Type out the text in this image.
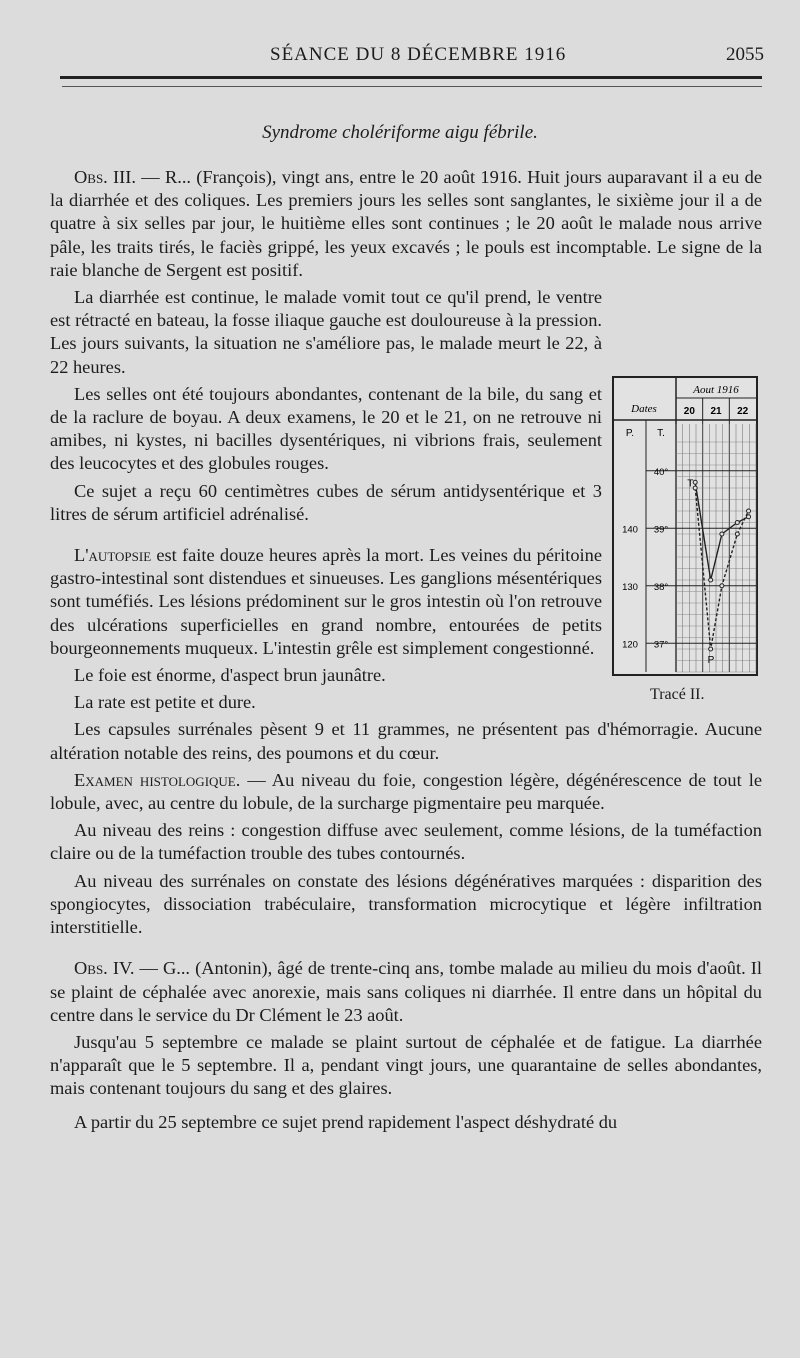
SÉANCE DU 8 DÉCEMBRE 1916	2055
Syndrome cholériforme aigu fébrile.

Obs. III. — R... (François), vingt ans, entre le 20 août 1916. Huit jours auparavant il a eu de la diarrhée et des coliques. Les premiers jours les selles sont sanglantes, le sixième jour il a de quatre à six selles par jour, le huitième elles sont continues ; le 20 août le malade nous arrive pâle, les traits tirés, le faciès grippé, les yeux excavés ; le pouls est incomptable. Le signe de la raie blanche de Sergent est positif.

La diarrhée est continue, le malade vomit tout ce qu'il prend, le ventre est rétracté en bateau, la fosse iliaque gauche est douloureuse à la pression. Les jours suivants, la situation ne s'améliore pas, le malade meurt le 22, à 22 heures.

Les selles ont été toujours abondantes, contenant de la bile, du sang et de la raclure de boyau. A deux examens, le 20 et le 21, on ne retrouve ni amibes, ni kystes, ni bacilles dysentériques, ni vibrions frais, seulement des leucocytes et des globules rouges.

Ce sujet a reçu 60 centimètres cubes de sérum antidysentérique et 3 litres de sérum artificiel adrénalisé.

L'autopsie est faite douze heures après la mort. Les veines du péritoine gastro-intestinal sont distendues et sinueuses. Les ganglions mésentériques sont tuméfiés. Les lésions prédominent sur le gros intestin où l'on retrouve des ulcérations superficielles en grand nombre, entourées de petits bourgeonnements muqueux. L'intestin grêle est simplement congestionné.

Le foie est énorme, d'aspect brun jaunâtre.

La rate est petite et dure.

Les capsules surrénales pèsent 9 et 11 grammes, ne présentent pas d'hémorragie. Aucune altération notable des reins, des poumons et du cœur.

Examen histologique. — Au niveau du foie, congestion légère, dégénérescence de tout le lobule, avec, au centre du lobule, de la surcharge pigmentaire peu marquée.

Au niveau des reins : congestion diffuse avec seulement, comme lésions, de la tuméfaction claire ou de la tuméfaction trouble des tubes contournés.

Au niveau des surrénales on constate des lésions dégénératives marquées : disparition des spongiocytes, dissociation trabéculaire, transformation microcytique et légère infiltration interstitielle.

Obs. IV. — G... (Antonin), âgé de trente-cinq ans, tombe malade au milieu du mois d'août. Il se plaint de céphalée avec anorexie, mais sans coliques ni diarrhée. Il entre dans un hôpital du centre dans le service du Dr Clément le 23 août.

Jusqu'au 5 septembre ce malade se plaint surtout de céphalée et de fatigue. La diarrhée n'apparaît que le 5 septembre. Il a, pendant vingt jours, une quarantaine de selles abondantes, mais contenant toujours du sang et des glaires.

A partir du 25 septembre ce sujet prend rapidement l'aspect déshydraté du

Aout 1916
Dates	20 21 22
P. T.
40°
39°
38°
37°
140
130
120
T
P
Tracé II.
